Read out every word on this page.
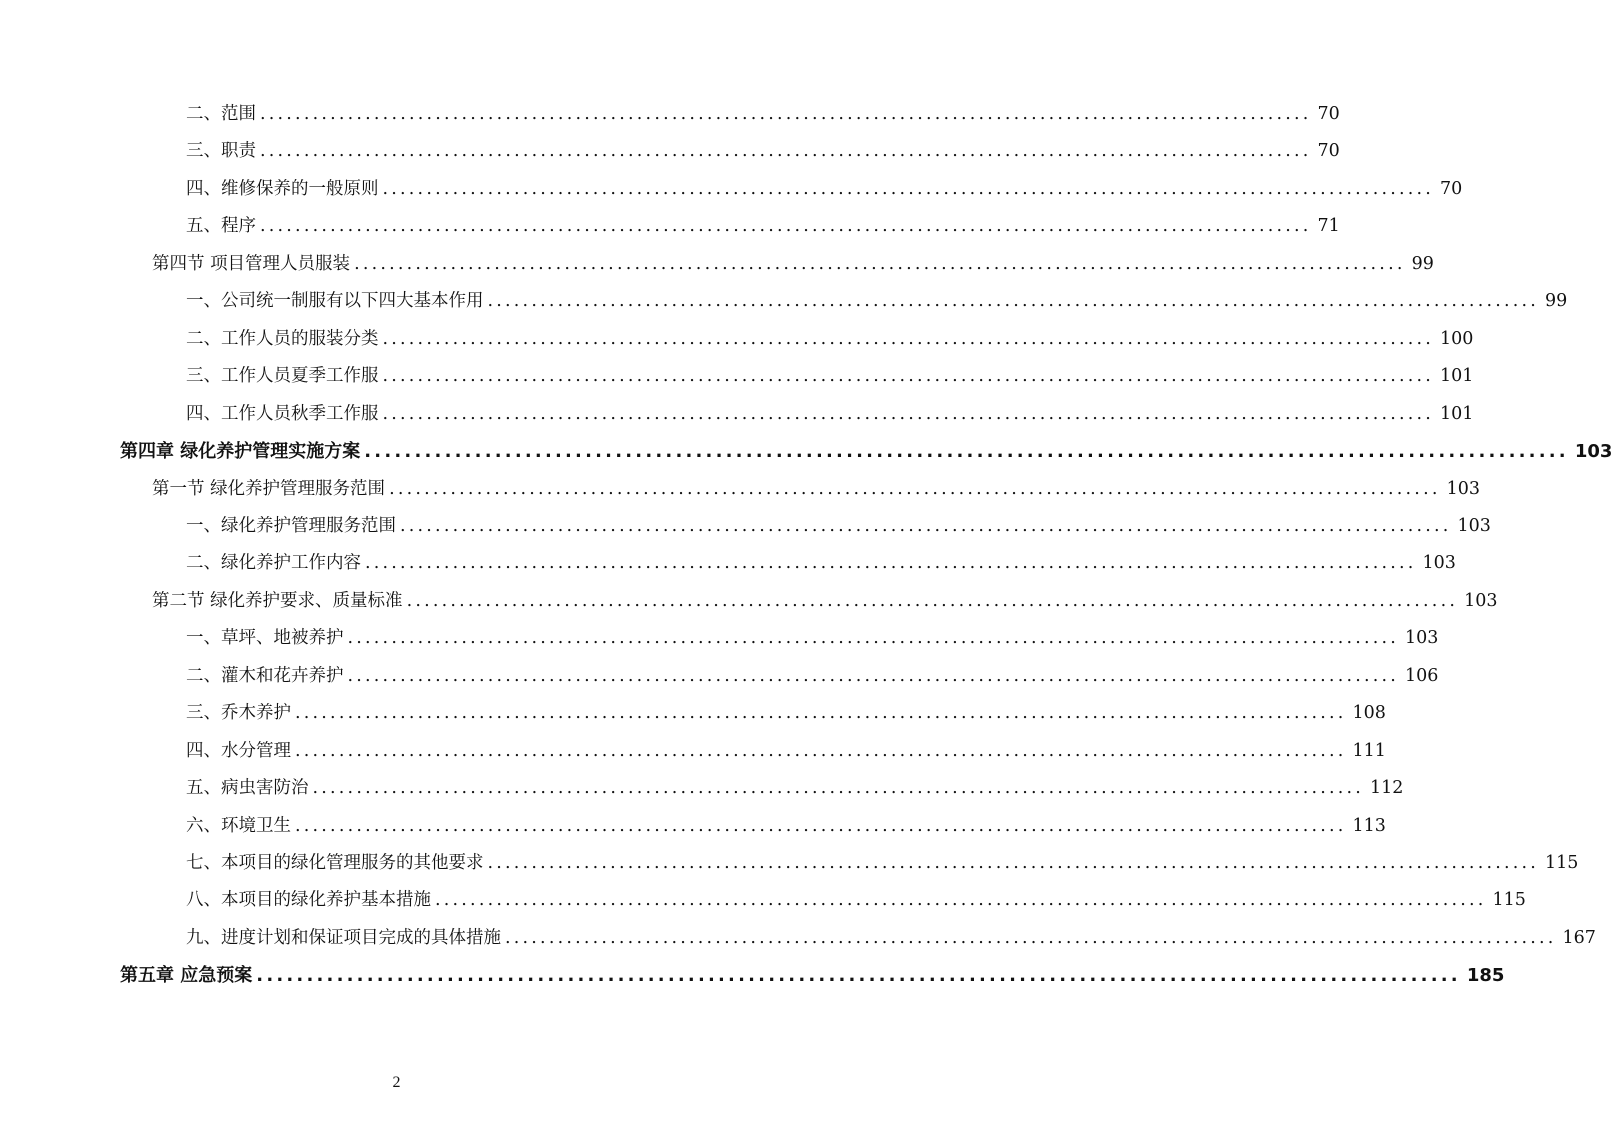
二、范围 ........................................................................................................................ 70
三、职责 ........................................................................................................................ 70
四、维修保养的一般原则 ........................................................................................................................ 70
五、程序 ........................................................................................................................ 71
第四节 项目管理人员服装 ........................................................................................................................ 99
一、公司统一制服有以下四大基本作用 ........................................................................................................................ 99
二、工作人员的服装分类 ........................................................................................................................ 100
三、工作人员夏季工作服 ........................................................................................................................ 101
四、工作人员秋季工作服 ........................................................................................................................ 101
第四章 绿化养护管理实施方案 ........................................................................................................................ 103
第一节 绿化养护管理服务范围 ........................................................................................................................ 103
一、绿化养护管理服务范围 ........................................................................................................................ 103
二、绿化养护工作内容 ........................................................................................................................ 103
第二节 绿化养护要求、质量标准 ........................................................................................................................ 103
一、草坪、地被养护 ........................................................................................................................ 103
二、灌木和花卉养护 ........................................................................................................................ 106
三、乔木养护 ........................................................................................................................ 108
四、水分管理 ........................................................................................................................ 111
五、病虫害防治 ........................................................................................................................ 112
六、环境卫生 ........................................................................................................................ 113
七、本项目的绿化管理服务的其他要求 ........................................................................................................................ 115
八、本项目的绿化养护基本措施 ........................................................................................................................ 115
九、进度计划和保证项目完成的具体措施 ........................................................................................................................ 167
第五章 应急预案 ........................................................................................................................ 185
2
